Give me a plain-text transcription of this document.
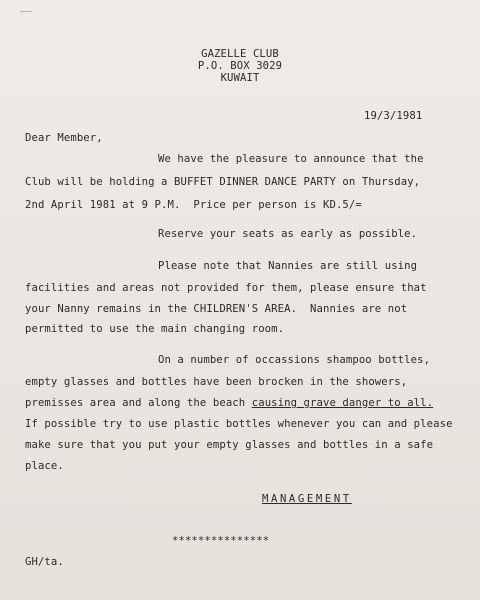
GAZELLE CLUB
P.O. BOX 3029
KUWAIT
19/3/1981
Dear Member,
We have the pleasure to announce that the
Club will be holding a BUFFET DINNER DANCE PARTY on Thursday,
2nd April 1981 at 9 P.M.  Price per person is KD.5/=
Reserve your seats as early as possible.
Please note that Nannies are still using
facilities and areas not provided for them, please ensure that
your Nanny remains in the CHILDREN'S AREA.  Nannies are not
permitted to use the main changing room.
On a number of occassions shampoo bottles,
empty glasses and bottles have been brocken in the showers,
premisses area and along the beach causing grave danger to all.
If possible try to use plastic bottles whenever you can and please
make sure that you put your empty glasses and bottles in a safe
place.
MANAGEMENT
***************
GH/ta.
